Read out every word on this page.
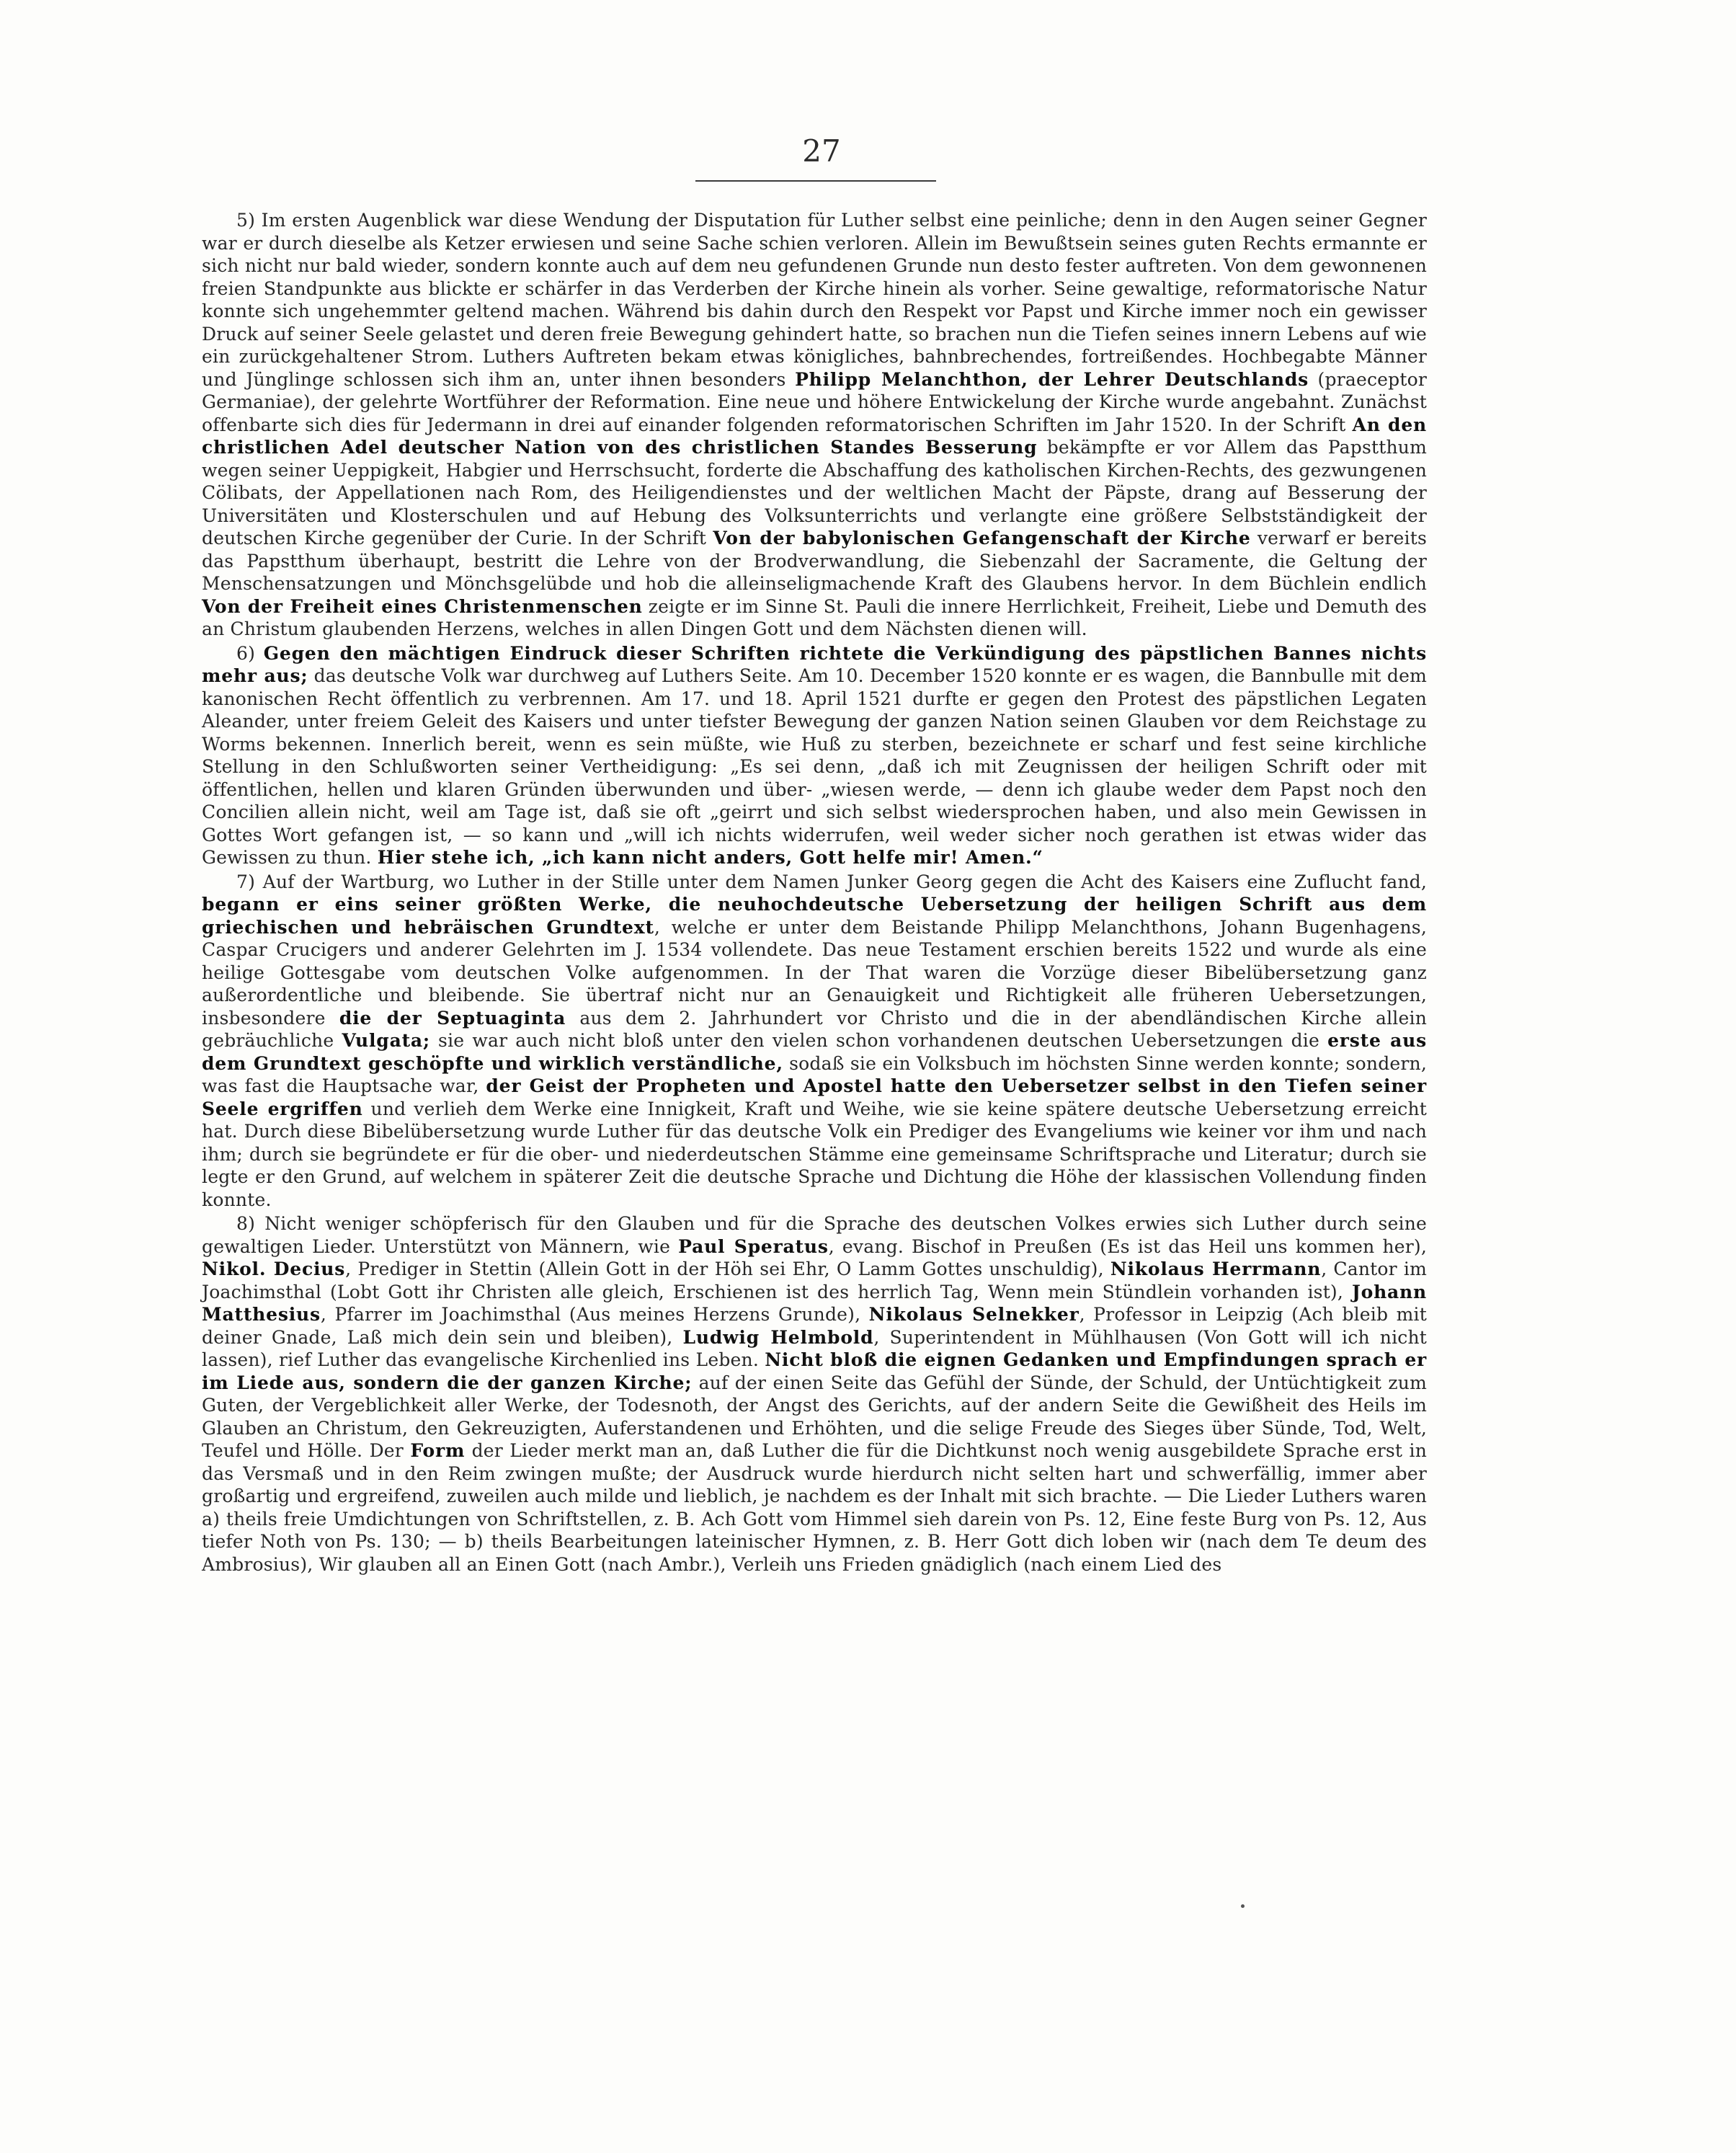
27

5) Im ersten Augenblick war diese Wendung der Disputation für Luther selbst eine peinliche; denn in den Augen seiner Gegner war er durch dieselbe als Ketzer erwiesen und seine Sache schien verloren. Allein im Bewußtsein seines guten Rechts ermannte er sich nicht nur bald wieder, sondern konnte auch auf dem neu gefundenen Grunde nun desto fester auftreten. Von dem gewonnenen freien Standpunkte aus blickte er schärfer in das Verderben der Kirche hinein als vorher. Seine gewaltige, reformatorische Natur konnte sich ungehemmter geltend machen. Während bis dahin durch den Respekt vor Papst und Kirche immer noch ein gewisser Druck auf seiner Seele gelastet und deren freie Bewegung gehindert hatte, so brachen nun die Tiefen seines innern Lebens auf wie ein zurückgehaltener Strom. Luthers Auftreten bekam etwas königliches, bahnbrechendes, fortreißendes. Hochbegabte Männer und Jünglinge schlossen sich ihm an, unter ihnen besonders Philipp Melanchthon, der Lehrer Deutschlands (praeceptor Germaniae), der gelehrte Wortführer der Reformation. Eine neue und höhere Entwickelung der Kirche wurde angebahnt. Zunächst offenbarte sich dies für Jedermann in drei auf einander folgenden reformatorischen Schriften im Jahr 1520. In der Schrift An den christlichen Adel deutscher Nation von des christlichen Standes Besserung bekämpfte er vor Allem das Papstthum wegen seiner Ueppigkeit, Habgier und Herrschsucht, forderte die Abschaffung des katholischen Kirchen-Rechts, des gezwungenen Cölibats, der Appellationen nach Rom, des Heiligendienstes und der weltlichen Macht der Päpste, drang auf Besserung der Universitäten und Klosterschulen und auf Hebung des Volksunterrichts und verlangte eine größere Selbstständigkeit der deutschen Kirche gegenüber der Curie. In der Schrift Von der babylonischen Gefangenschaft der Kirche verwarf er bereits das Papstthum überhaupt, bestritt die Lehre von der Brodverwandlung, die Siebenzahl der Sacramente, die Geltung der Menschensatzungen und Mönchsgelübde und hob die alleinseligmachende Kraft des Glaubens hervor. In dem Büchlein endlich Von der Freiheit eines Christenmenschen zeigte er im Sinne St. Pauli die innere Herrlichkeit, Freiheit, Liebe und Demuth des an Christum glaubenden Herzens, welches in allen Dingen Gott und dem Nächsten dienen will.

6) Gegen den mächtigen Eindruck dieser Schriften richtete die Verkündigung des päpstlichen Bannes nichts mehr aus; das deutsche Volk war durchweg auf Luthers Seite. Am 10. December 1520 konnte er es wagen, die Bannbulle mit dem kanonischen Recht öffentlich zu verbrennen. Am 17. und 18. April 1521 durfte er gegen den Protest des päpstlichen Legaten Aleander, unter freiem Geleit des Kaisers und unter tiefster Bewegung der ganzen Nation seinen Glauben vor dem Reichstage zu Worms bekennen. Innerlich bereit, wenn es sein müßte, wie Huß zu sterben, bezeichnete er scharf und fest seine kirchliche Stellung in den Schlußworten seiner Vertheidigung: „Es sei denn, „daß ich mit Zeugnissen der heiligen Schrift oder mit öffentlichen, hellen und klaren Gründen überwunden und über- „wiesen werde, — denn ich glaube weder dem Papst noch den Concilien allein nicht, weil am Tage ist, daß sie oft „geirrt und sich selbst wiedersprochen haben, und also mein Gewissen in Gottes Wort gefangen ist, — so kann und „will ich nichts widerrufen, weil weder sicher noch gerathen ist etwas wider das Gewissen zu thun. Hier stehe ich, „ich kann nicht anders, Gott helfe mir! Amen.“

7) Auf der Wartburg, wo Luther in der Stille unter dem Namen Junker Georg gegen die Acht des Kaisers eine Zuflucht fand, begann er eins seiner größten Werke, die neuhochdeutsche Uebersetzung der heiligen Schrift aus dem griechischen und hebräischen Grundtext, welche er unter dem Beistande Philipp Melanchthons, Johann Bugenhagens, Caspar Crucigers und anderer Gelehrten im J. 1534 vollendete. Das neue Testament erschien bereits 1522 und wurde als eine heilige Gottesgabe vom deutschen Volke aufgenommen. In der That waren die Vorzüge dieser Bibelübersetzung ganz außerordentliche und bleibende. Sie übertraf nicht nur an Genauigkeit und Richtigkeit alle früheren Uebersetzungen, insbesondere die der Septuaginta aus dem 2. Jahrhundert vor Christo und die in der abendländischen Kirche allein gebräuchliche Vulgata; sie war auch nicht bloß unter den vielen schon vorhandenen deutschen Uebersetzungen die erste aus dem Grundtext geschöpfte und wirklich verständliche, sodaß sie ein Volksbuch im höchsten Sinne werden konnte; sondern, was fast die Hauptsache war, der Geist der Propheten und Apostel hatte den Uebersetzer selbst in den Tiefen seiner Seele ergriffen und verlieh dem Werke eine Innigkeit, Kraft und Weihe, wie sie keine spätere deutsche Uebersetzung erreicht hat. Durch diese Bibelübersetzung wurde Luther für das deutsche Volk ein Prediger des Evangeliums wie keiner vor ihm und nach ihm; durch sie begründete er für die ober- und niederdeutschen Stämme eine gemeinsame Schriftsprache und Literatur; durch sie legte er den Grund, auf welchem in späterer Zeit die deutsche Sprache und Dichtung die Höhe der klassischen Vollendung finden konnte.

8) Nicht weniger schöpferisch für den Glauben und für die Sprache des deutschen Volkes erwies sich Luther durch seine gewaltigen Lieder. Unterstützt von Männern, wie Paul Speratus, evang. Bischof in Preußen (Es ist das Heil uns kommen her), Nikol. Decius, Prediger in Stettin (Allein Gott in der Höh sei Ehr, O Lamm Gottes unschuldig), Nikolaus Herrmann, Cantor im Joachimsthal (Lobt Gott ihr Christen alle gleich, Erschienen ist des herrlich Tag, Wenn mein Stündlein vorhanden ist), Johann Matthesius, Pfarrer im Joachimsthal (Aus meines Herzens Grunde), Nikolaus Selnekker, Professor in Leipzig (Ach bleib mit deiner Gnade, Laß mich dein sein und bleiben), Ludwig Helmbold, Superintendent in Mühlhausen (Von Gott will ich nicht lassen), rief Luther das evangelische Kirchenlied ins Leben. Nicht bloß die eignen Gedanken und Empfindungen sprach er im Liede aus, sondern die der ganzen Kirche; auf der einen Seite das Gefühl der Sünde, der Schuld, der Untüchtigkeit zum Guten, der Vergeblichkeit aller Werke, der Todesnoth, der Angst des Gerichts, auf der andern Seite die Gewißheit des Heils im Glauben an Christum, den Gekreuzigten, Auferstandenen und Erhöhten, und die selige Freude des Sieges über Sünde, Tod, Welt, Teufel und Hölle. Der Form der Lieder merkt man an, daß Luther die für die Dichtkunst noch wenig ausgebildete Sprache erst in das Versmaß und in den Reim zwingen mußte; der Ausdruck wurde hierdurch nicht selten hart und schwerfällig, immer aber großartig und ergreifend, zuweilen auch milde und lieblich, je nachdem es der Inhalt mit sich brachte. — Die Lieder Luthers waren a) theils freie Umdichtungen von Schriftstellen, z. B. Ach Gott vom Himmel sieh darein von Ps. 12, Eine feste Burg von Ps. 12, Aus tiefer Noth von Ps. 130; — b) theils Bearbeitungen lateinischer Hymnen, z. B. Herr Gott dich loben wir (nach dem Te deum des Ambrosius), Wir glauben all an Einen Gott (nach Ambr.), Verleih uns Frieden gnädiglich (nach einem Lied des
